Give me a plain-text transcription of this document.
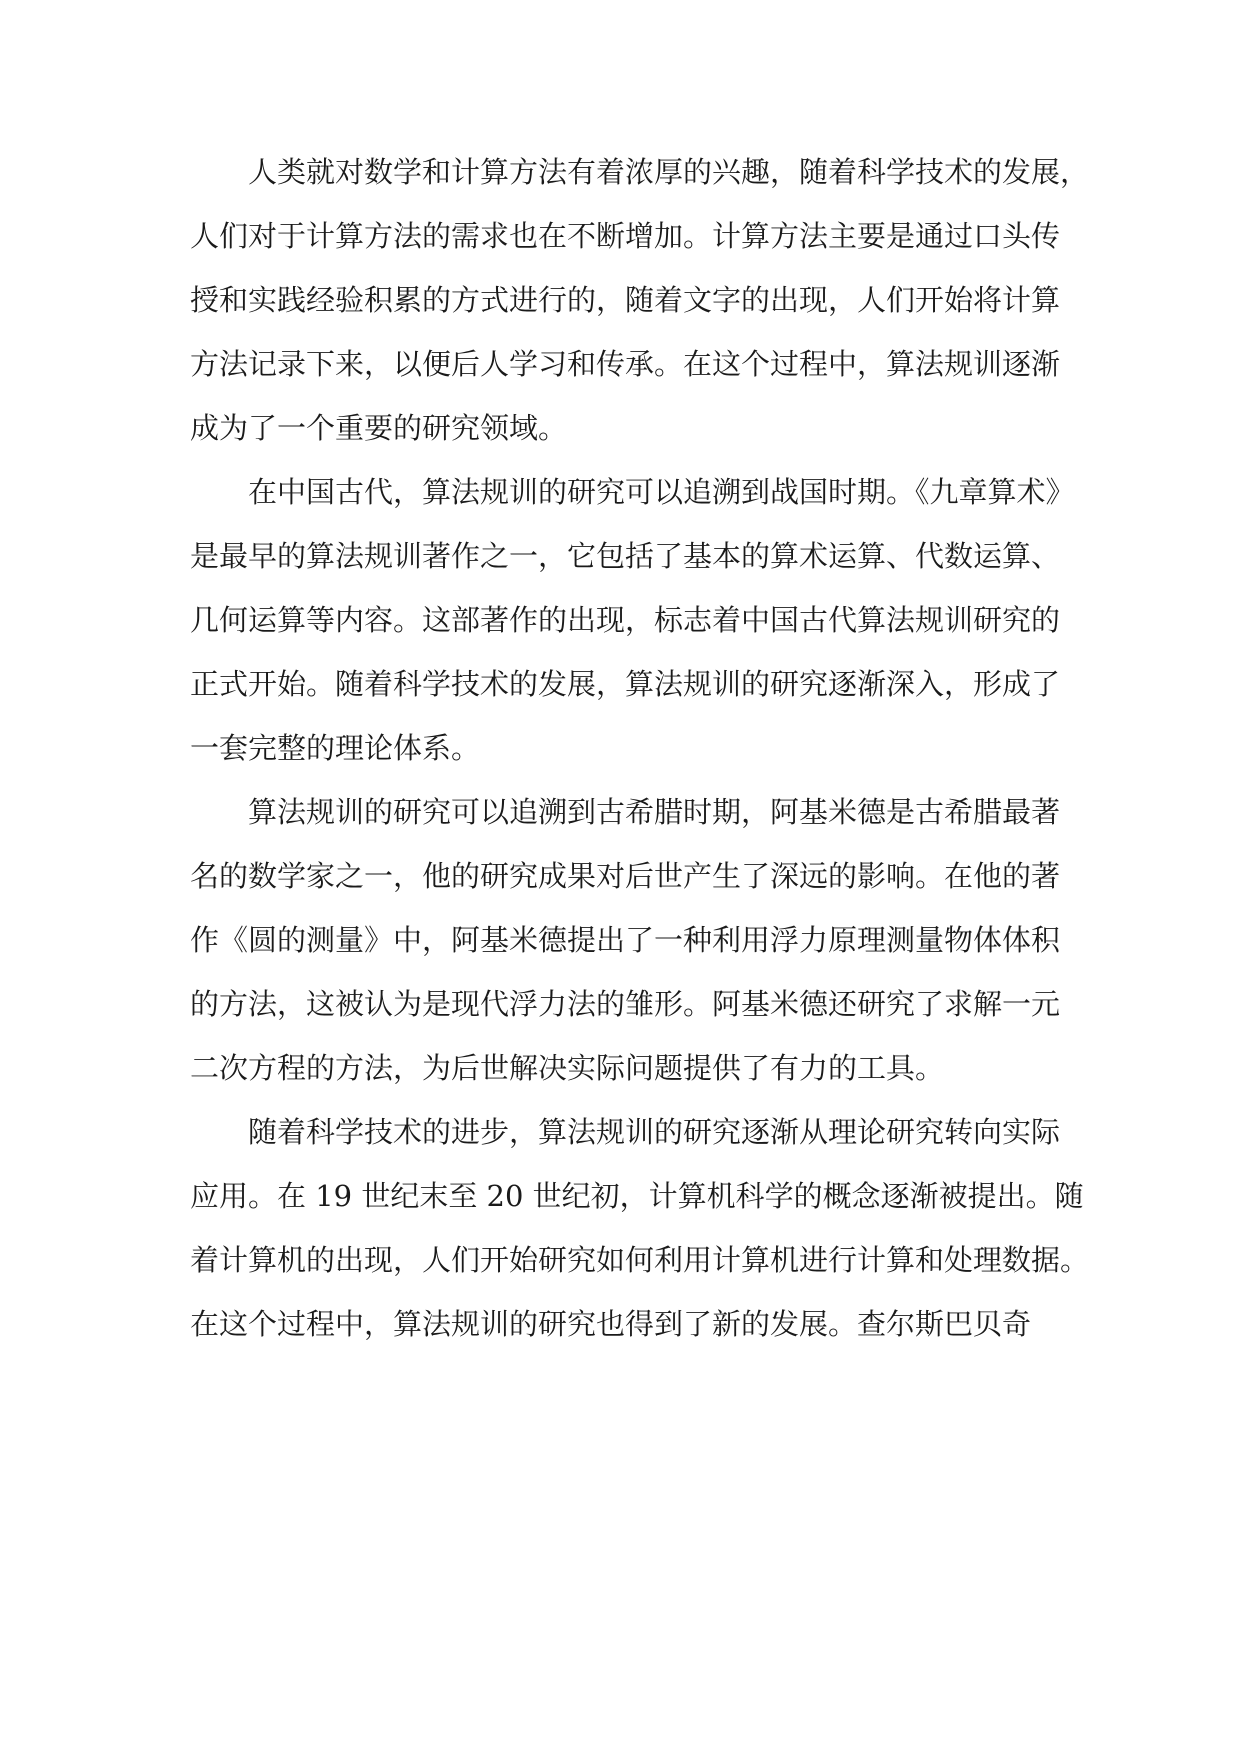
人类就对数学和计算方法有着浓厚的兴趣，随着科学技术的发展，
人们对于计算方法的需求也在不断增加。计算方法主要是通过口头传
授和实践经验积累的方式进行的，随着文字的出现，人们开始将计算
方法记录下来，以便后人学习和传承。在这个过程中，算法规训逐渐
成为了一个重要的研究领域。
在中国古代，算法规训的研究可以追溯到战国时期。《九章算术》
是最早的算法规训著作之一，它包括了基本的算术运算、代数运算、
几何运算等内容。这部著作的出现，标志着中国古代算法规训研究的
正式开始。随着科学技术的发展，算法规训的研究逐渐深入，形成了
一套完整的理论体系。
算法规训的研究可以追溯到古希腊时期，阿基米德是古希腊最著
名的数学家之一，他的研究成果对后世产生了深远的影响。在他的著
作《圆的测量》中，阿基米德提出了一种利用浮力原理测量物体体积
的方法，这被认为是现代浮力法的雏形。阿基米德还研究了求解一元
二次方程的方法，为后世解决实际问题提供了有力的工具。
随着科学技术的进步，算法规训的研究逐渐从理论研究转向实际
应用。在 19 世纪末至 20 世纪初，计算机科学的概念逐渐被提出。随
着计算机的出现，人们开始研究如何利用计算机进行计算和处理数据。
在这个过程中，算法规训的研究也得到了新的发展。查尔斯巴贝奇
